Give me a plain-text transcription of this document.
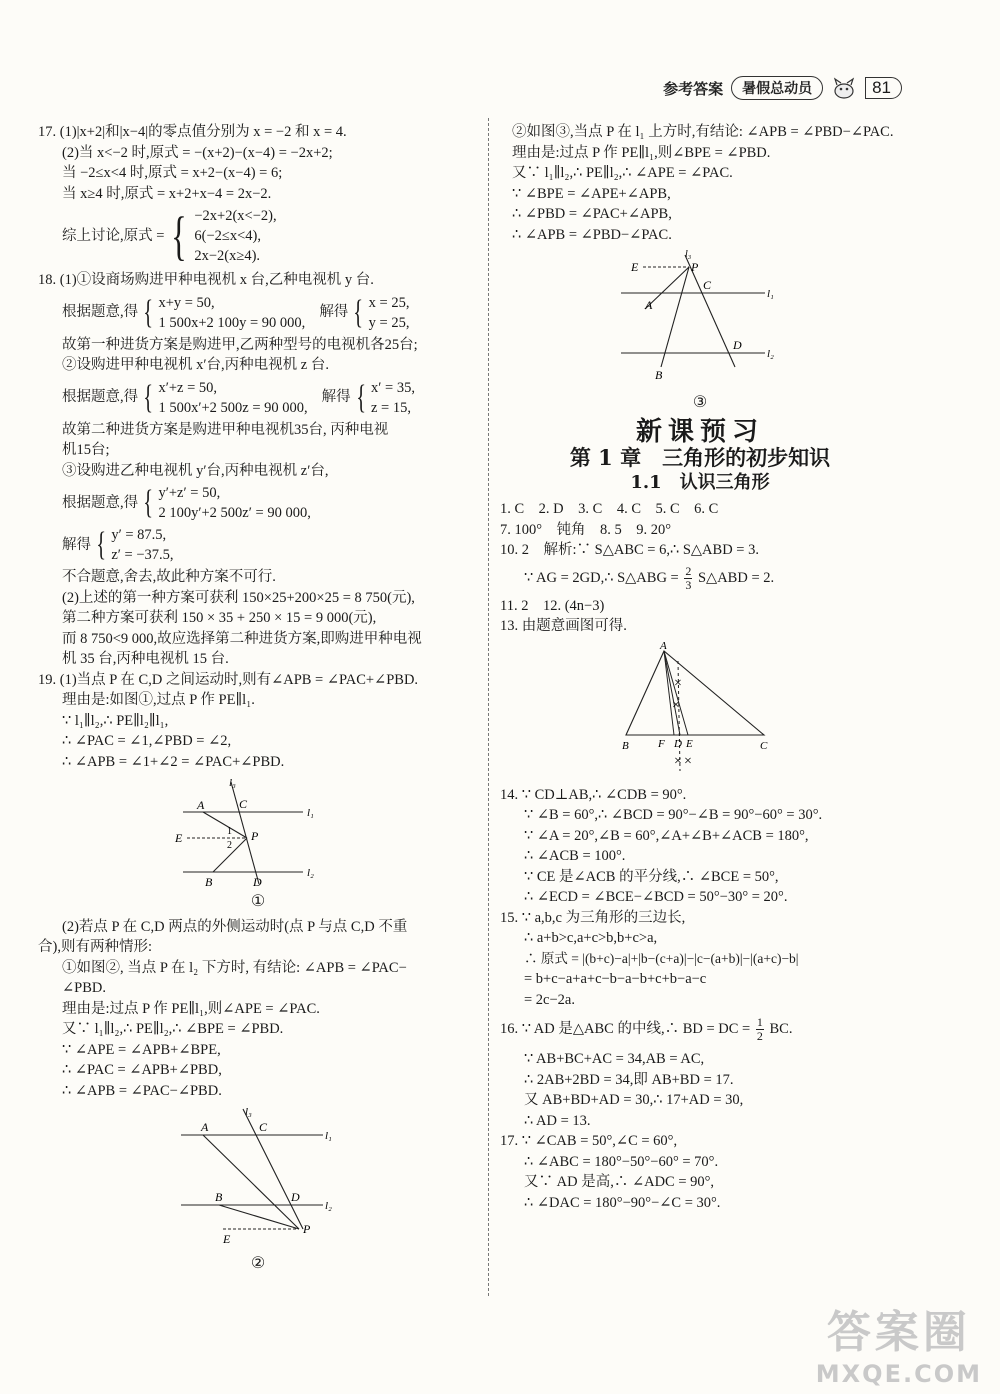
参考答案	暑假总动员	81
17. (1)|x+2|和|x−4|的零点值分别为 x = −2 和 x = 4.
(2)当 x<−2 时,原式 = −(x+2)−(x−4) = −2x+2;
当 −2≤x<4 时,原式 = x+2−(x−4) = 6;
当 x≥4 时,原式 = x+2+x−4 = 2x−2.
综上讨论,原式 = { −2x+2(x<−2),
6(−2≤x<4),
2x−2(x≥4).
18. (1)①设商场购进甲种电视机 x 台,乙种电视机 y 台.
根据题意,得 { x+y = 50,
1 500x+2 100y = 90 000,
解得 { x = 25,
y = 25,
故第一种进货方案是购进甲,乙两种型号的电视机各25台;
②设购进甲种电视机 x′台,丙种电视机 z 台.
根据题意,得 { x′+z = 50,
1 500x′+2 500z = 90 000,
解得 { x′ = 35,
z = 15,
故第二种进货方案是购进甲种电视机35台, 丙种电视
机15台;
③设购进乙种电视机 y′台,丙种电视机 z′台,
根据题意,得 { y′+z′ = 50,
2 100y′+2 500z′ = 90 000,
解得 { y′ = 87.5,
z′ = −37.5,
不合题意,舍去,故此种方案不可行.
(2)上述的第一种方案可获利 150×25+200×25 = 8 750(元),
第二种方案可获利 150 × 35 + 250 × 15 = 9 000(元),
而 8 750<9 000,故应选择第二种进货方案,即购进甲种电视
机 35 台,丙种电视机 15 台.
19. (1)当点 P 在 C,D 之间运动时,则有∠APB = ∠PAC+∠PBD.
理由是:如图①,过点 P 作 PE∥l₁.
∵ l₁∥l₂,∴ PE∥l₂∥l₁,
∴ ∠PAC = ∠1,∠PBD = ∠2,
∴ ∠APB = ∠1+∠2 = ∠PAC+∠PBD.
l₃
l₁
l₂
A	C
E	P
1
2
B	D
①
(2)若点 P 在 C,D 两点的外侧运动时(点 P 与点 C,D 不重
合),则有两种情形:
①如图②, 当点 P 在 l₂ 下方时, 有结论: ∠APB = ∠PAC−
∠PBD.
理由是:过点 P 作 PE∥l₁,则∠APE = ∠PAC.
又∵ l₁∥l₂,∴ PE∥l₂,∴ ∠BPE = ∠PBD.
∵ ∠APE = ∠APB+∠BPE,
∴ ∠PAC = ∠APB+∠PBD,
∴ ∠APB = ∠PAC−∠PBD.
l₃
l₁
l₂
A	C
B	D
P
E
②
②如图③,当点 P 在 l₁ 上方时,有结论: ∠APB = ∠PBD−∠PAC.
理由是:过点 P 作 PE∥l₁,则∠BPE = ∠PBD.
又∵ l₁∥l₂,∴ PE∥l₂,∴ ∠APE = ∠PAC.
∵ ∠BPE = ∠APE+∠APB,
∴ ∠PBD = ∠PAC+∠APB,
∴ ∠APB = ∠PBD−∠PAC.
l₃
l₁
l₂
E	P
C
A
D
B
③
新课预习
第 1 章　三角形的初步知识
1.1　认识三角形
1. C　2. D　3. C　4. C　5. C　6. C
7. 100°　钝角　8. 5　9. 20°
10. 2　解析:∵ S△ABC = 6,∴ S△ABD = 3.
∵ AG = 2GD,∴ S△ABG = $\frac{2}{3}$ S△ABD = 2.
11. 2　12. (4n−3)
13. 由题意画图可得.
×
×
× ×
A
B	F D E	C
14. ∵ CD⊥AB,∴ ∠CDB = 90°.
∵ ∠B = 60°,∴ ∠BCD = 90°−∠B = 90°−60° = 30°.
∵ ∠A = 20°,∠B = 60°,∠A+∠B+∠ACB = 180°,
∴ ∠ACB = 100°.
∵ CE 是∠ACB 的平分线,∴ ∠BCE = 50°,
∴ ∠ECD = ∠BCE−∠BCD = 50°−30° = 20°.
15. ∵ a,b,c 为三角形的三边长,
∴ a+b>c,a+c>b,b+c>a,
∴ 原式 = |(b+c)−a|+|b−(c+a)|−|c−(a+b)|−|(a+c)−b|
= b+c−a+a+c−b−a−b+c+b−a−c
= 2c−2a.
16. ∵ AD 是△ABC 的中线,∴ BD = DC = $\frac{1}{2}$ BC.
∵ AB+BC+AC = 34,AB = AC,
∴ 2AB+2BD = 34,即 AB+BD = 17.
又 AB+BD+AD = 30,∴ 17+AD = 30,
∴ AD = 13.
17. ∵ ∠CAB = 50°,∠C = 60°,
∴ ∠ABC = 180°−50°−60° = 70°.
又∵ AD 是高,∴ ∠ADC = 90°,
∴ ∠DAC = 180°−90°−∠C = 30°.
答案圈
MXQE.COM
